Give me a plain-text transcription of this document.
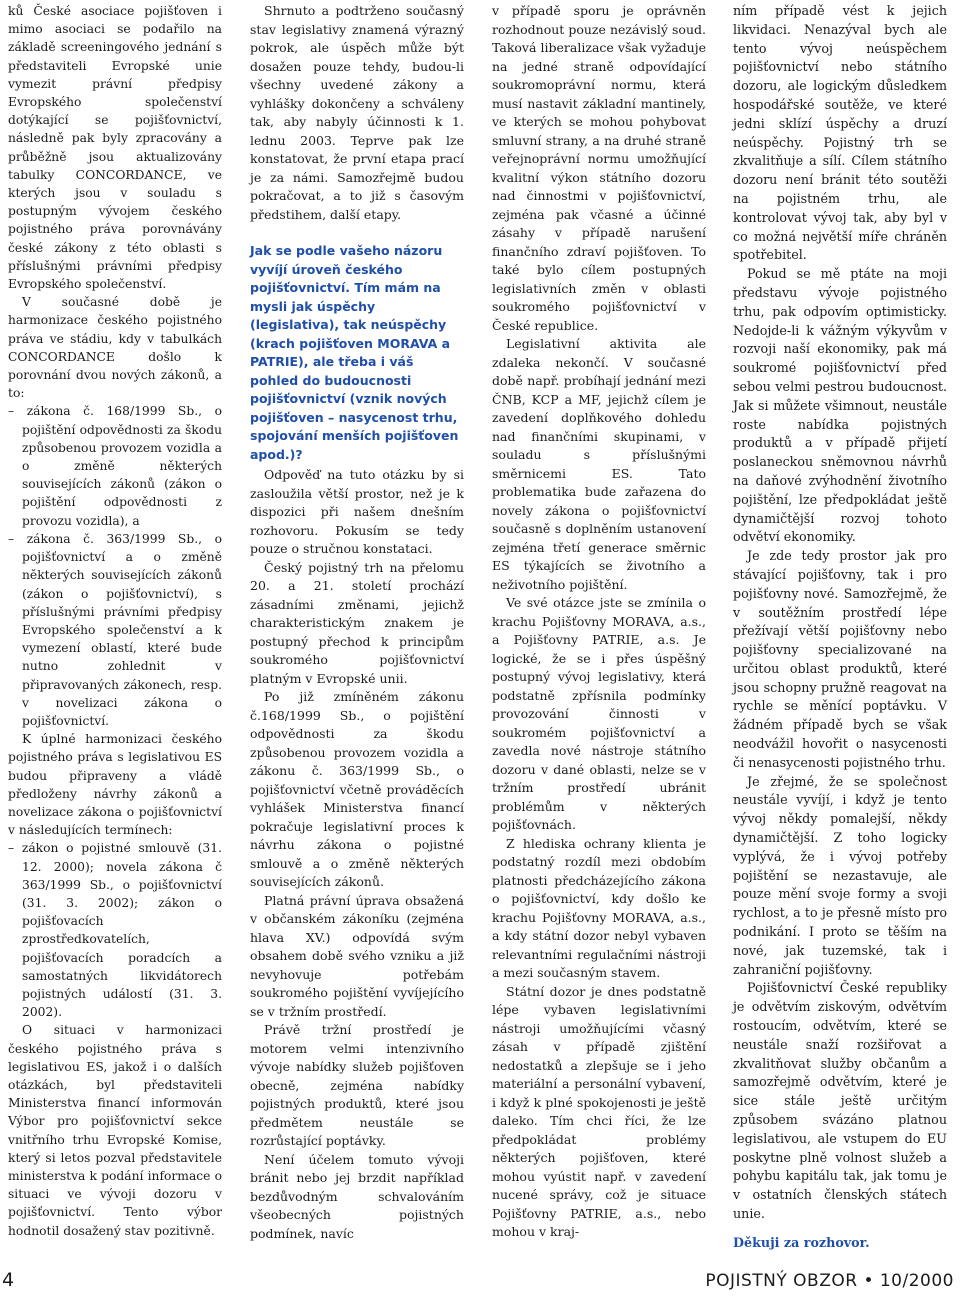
ků České asociace pojišťoven i mimo asociaci se podařilo na základě screeningového jednání s představiteli Evropské unie vymezit právní předpisy Evropského společenství dotýkající se pojišťovnictví, následně pak byly zpracovány a průběžně jsou aktualizovány tabulky CONCORDANCE, ve kterých jsou v souladu s postupným vývojem českého pojistného práva porovnávány české zákony z této oblasti s příslušnými právními předpisy Evropského společenství.

V současné době je harmonizace českého pojistného práva ve stádiu, kdy v tabulkách CONCORDANCE došlo k porovnání dvou nových zákonů, a to:

– zákona č. 168/1999 Sb., o pojištění odpovědnosti za škodu způsobenou provozem vozidla a o změně některých souvisejících zákonů (zákon o pojištění odpovědnosti z provozu vozidla), a

– zákona č. 363/1999 Sb., o pojišťovnictví a o změně některých souvisejících zákonů (zákon o pojišťovnictví), s příslušnými právními předpisy Evropského společenství a k vymezení oblastí, které bude nutno zohlednit v připravovaných zákonech, resp. v novelizaci zákona o pojišťovnictví.

K úplné harmonizaci českého pojistného práva s legislativou ES budou připraveny a vládě předloženy návrhy zákonů a novelizace zákona o pojišťovnictví v následujících termínech:

– zákon o pojistné smlouvě (31. 12. 2000); novela zákona č 363/1999 Sb., o pojišťovnictví (31. 3. 2002); zákon o pojišťovacích zprostředkovatelích, pojišťovacích poradcích a samostatných likvidátorech pojistných událostí (31. 3. 2002).

O situaci v harmonizaci českého pojistného práva s legislativou ES, jakož i o dalších otázkách, byl představiteli Ministerstva financí informován Výbor pro pojišťovnictví sekce vnitřního trhu Evropské Komise, který si letos pozval představitele ministerstva k podání informace o situaci ve vývoji dozoru v pojišťovnictví. Tento výbor hodnotil dosažený stav pozitivně.

Shrnuto a podtrženo současný stav legislativy znamená výrazný pokrok, ale úspěch může být dosažen pouze tehdy, budou-li všechny uvedené zákony a vyhlášky dokončeny a schváleny tak, aby nabyly účinnosti k 1. lednu 2003. Teprve pak lze konstatovat, že první etapa prací je za námi. Samozřejmě budou pokračovat, a to již s časovým předstihem, další etapy.

Jak se podle vašeho názoru vyvíjí úroveň českého pojišťovnictví. Tím mám na mysli jak úspěchy (legislativa), tak neúspěchy (krach pojišťoven MORAVA a PATRIE), ale třeba i váš pohled do budoucnosti pojišťovnictví (vznik nových pojišťoven – nasycenost trhu, spojování menších pojišťoven apod.)?

Odpověď na tuto otázku by si zasloužila větší prostor, než je k dispozici při našem dnešním rozhovoru. Pokusím se tedy pouze o stručnou konstataci.

Český pojistný trh na přelomu 20. a 21. století prochází zásadními změnami, jejichž charakteristickým znakem je postupný přechod k principům soukromého pojišťovnictví platným v Evropské unii.

Po již zmíněném zákonu č.168/1999 Sb., o pojištění odpovědnosti za škodu způsobenou provozem vozidla a zákonu č. 363/1999 Sb., o pojišťovnictví včetně prováděcích vyhlášek Ministerstva financí pokračuje legislativní proces k návrhu zákona o pojistné smlouvě a o změně některých souvisejících zákonů.

Platná právní úprava obsažená v občanském zákoníku (zejména hlava XV.) odpovídá svým obsahem době svého vzniku a již nevyhovuje potřebám soukromého pojištění vyvíjejícího se v tržním prostředí.

Právě tržní prostředí je motorem velmi intenzivního vývoje nabídky služeb pojišťoven obecně, zejména nabídky pojistných produktů, které jsou předmětem neustále se rozrůstající poptávky.

Není účelem tomuto vývoji bránit nebo jej brzdit například bezdůvodným schvalováním všeobecných pojistných podmínek, navíc

v případě sporu je oprávněn rozhodnout pouze nezávislý soud. Taková liberalizace však vyžaduje na jedné straně odpovídající soukromoprávní normu, která musí nastavit základní mantinely, ve kterých se mohou pohybovat smluvní strany, a na druhé straně veřejnoprávní normu umožňující kvalitní výkon státního dozoru nad činnostmi v pojišťovnictví, zejména pak včasné a účinné zásahy v případě narušení finančního zdraví pojišťoven. To také bylo cílem postupných legislativních změn v oblasti soukromého pojišťovnictví v České republice.

Legislativní aktivita ale zdaleka nekončí. V současné době např. probíhají jednání mezi ČNB, KCP a MF, jejichž cílem je zavedení doplňkového dohledu nad finančními skupinami, v souladu s příslušnými směrnicemi ES. Tato problematika bude zařazena do novely zákona o pojišťovnictví současně s doplněním ustanovení zejména třetí generace směrnic ES týkajících se životního a neživotního pojištění.

Ve své otázce jste se zmínila o krachu Pojišťovny MORAVA, a.s., a Pojišťovny PATRIE, a.s. Je logické, že se i přes úspěšný postupný vývoj legislativy, která podstatně zpřísnila podmínky provozování činnosti v soukromém pojišťovnictví a zavedla nové nástroje státního dozoru v dané oblasti, nelze se v tržním prostředí ubránit problémům v některých pojišťovnách.

Z hlediska ochrany klienta je podstatný rozdíl mezi obdobím platnosti předcházejícího zákona o pojišťovnictví, kdy došlo ke krachu Pojišťovny MORAVA, a.s., a kdy státní dozor nebyl vybaven relevantními regulačními nástroji a mezi současným stavem.

Státní dozor je dnes podstatně lépe vybaven legislativními nástroji umožňujícími včasný zásah v případě zjištění nedostatků a zlepšuje se i jeho materiální a personální vybavení, i když k plné spokojenosti je ještě daleko. Tím chci říci, že lze předpokládat problémy některých pojišťoven, které mohou vyústit např. v zavedení nucené správy, což je situace Pojišťovny PATRIE, a.s., nebo mohou v kraj-

ním případě vést k jejich likvidaci. Nenazýval bych ale tento vývoj neúspěchem pojišťovnictví nebo státního dozoru, ale logickým důsledkem hospodářské soutěže, ve které jedni sklízí úspěchy a druzí neúspěchy. Pojistný trh se zkvalitňuje a sílí. Cílem státního dozoru není bránit této soutěži na pojistném trhu, ale kontrolovat vývoj tak, aby byl v co možná největší míře chráněn spotřebitel.

Pokud se mě ptáte na moji představu vývoje pojistného trhu, pak odpovím optimisticky. Nedojde-li k vážným výkyvům v rozvoji naší ekonomiky, pak má soukromé pojišťovnictví před sebou velmi pestrou budoucnost. Jak si můžete všimnout, neustále roste nabídka pojistných produktů a v případě přijetí poslaneckou sněmovnou návrhů na daňové zvýhodnění životního pojištění, lze předpokládat ještě dynamičtější rozvoj tohoto odvětví ekonomiky.

Je zde tedy prostor jak pro stávající pojišťovny, tak i pro pojišťovny nové. Samozřejmě, že v soutěžním prostředí lépe přežívají větší pojišťovny nebo pojišťovny specializované na určitou oblast produktů, které jsou schopny pružně reagovat na rychle se měnící poptávku. V žádném případě bych se však neodvážil hovořit o nasycenosti či nenasycenosti pojistného trhu.

Je zřejmé, že se společnost neustále vyvíjí, i když je tento vývoj někdy pomalejší, někdy dynamičtější. Z toho logicky vyplývá, že i vývoj potřeby pojištění se nezastavuje, ale pouze mění svoje formy a svoji rychlost, a to je přesně místo pro podnikání. I proto se těším na nové, jak tuzemské, tak i zahraniční pojišťovny.

Pojišťovnictví České republiky je odvětvím ziskovým, odvětvím rostoucím, odvětvím, které se neustále snaží rozšiřovat a zkvalitňovat služby občanům a samozřejmě odvětvím, které je sice stále ještě určitým způsobem svázáno platnou legislativou, ale vstupem do EU poskytne plně volnost služeb a pohybu kapitálu tak, jak tomu je v ostatních členských státech unie.

Děkuji za rozhovor.

4	POJISTNÝ OBZOR • 10/2000
